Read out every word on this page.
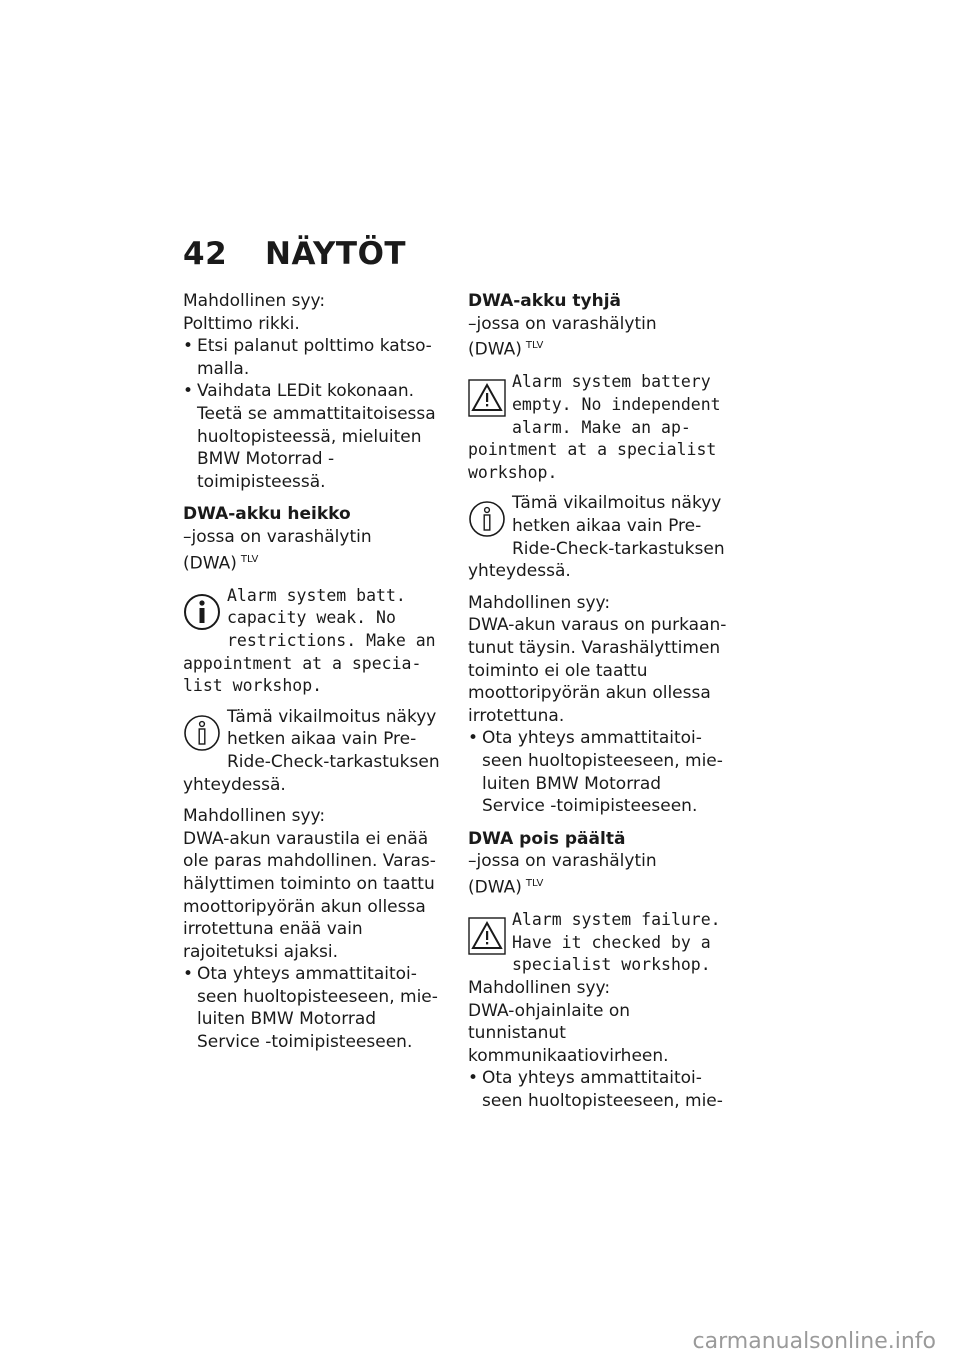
42 NÄYTÖT

Mahdollinen syy:

Polttimo rikki.

• Etsi palanut polttimo katsomalla.

• Vaihdata LEDit kokonaan. Teetä se ammattitaitoisessa huoltopisteessä, mieluiten BMW Motorrad -toimipisteessä.

DWA-akku heikko

–jossa on varashälytin (DWA) $^{TLV}$

Alarm system batt. capacity weak. No restrictions. Make an appointment at a specialist workshop.
Tämä vikailmoitus näkyy hetken aikaa vain Pre-Ride-Check-tarkastuksen yhteydessä.

Mahdollinen syy:

DWA-akun varaustila ei enää ole paras mahdollinen. Varashälyttimen toiminto on taattu moottoripyörän akun ollessa irrotettuna enää vain rajoitetuksi ajaksi.

• Ota yhteys ammattitaitoiseen huoltopisteeseen, mieluiten BMW Motorrad Service -toimipisteeseen.

DWA-akku tyhjä

–jossa on varashälytin (DWA) $^{TLV}$

Alarm system battery empty. No independent alarm. Make an appointment at a specialist workshop.
Tämä vikailmoitus näkyy hetken aikaa vain Pre-Ride-Check-tarkastuksen yhteydessä.

Mahdollinen syy:

DWA-akun varaus on purkaantunut täysin. Varashälyttimen toiminto ei ole taattu moottoripyörän akun ollessa irrotettuna.

• Ota yhteys ammattitaitoiseen huoltopisteeseen, mieluiten BMW Motorrad Service -toimipisteeseen.

DWA pois päältä

–jossa on varashälytin (DWA) $^{TLV}$

Alarm system failure. Have it checked by a specialist workshop.

Mahdollinen syy:

DWA-ohjainlaite on tunnistanut kommunikaatiovirheen.

• Ota yhteys ammattitaitoiseen huoltopisteeseen, mie-

carmanualsonline.info
